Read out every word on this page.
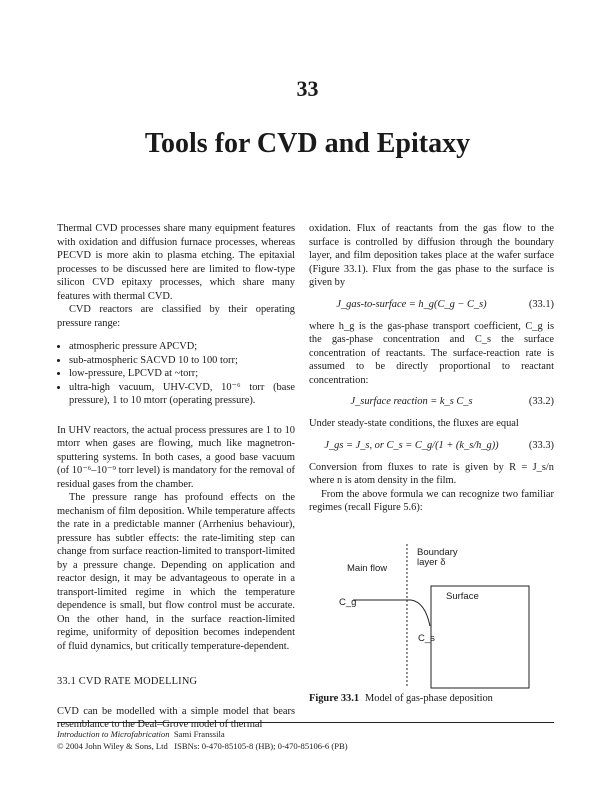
33
Tools for CVD and Epitaxy

Thermal CVD processes share many equipment features with oxidation and diffusion furnace processes, whereas PECVD is more akin to plasma etching. The epitaxial processes to be discussed here are limited to flow-type silicon CVD epitaxy processes, which share many features with thermal CVD.

CVD reactors are classified by their operating pressure range:

• atmospheric pressure APCVD;
• sub-atmospheric SACVD 10 to 100 torr;
• low-pressure, LPCVD at ~torr;
• ultra-high vacuum, UHV-CVD, 10⁻⁶ torr (base pressure), 1 to 10 mtorr (operating pressure).

In UHV reactors, the actual process pressures are 1 to 10 mtorr when gases are flowing, much like magnetron-sputtering systems. In both cases, a good base vacuum (of 10⁻⁶–10⁻⁹ torr level) is mandatory for the removal of residual gases from the chamber.

The pressure range has profound effects on the mechanism of film deposition. While temperature affects the rate in a predictable manner (Arrhenius behaviour), pressure has subtler effects: the rate-limiting step can change from surface reaction-limited to transport-limited by a pressure change. Depending on application and reactor design, it may be advantageous to operate in a transport-limited regime in which the temperature dependence is small, but flow control must be accurate. On the other hand, in the surface reaction-limited regime, uniformity of deposition becomes independent of fluid dynamics, but critically temperature-dependent.

33.1 CVD RATE MODELLING

CVD can be modelled with a simple model that bears resemblance to the Deal–Grove model of thermal

oxidation. Flux of reactants from the gas flow to the surface is controlled by diffusion through the boundary layer, and film deposition takes place at the wafer surface (Figure 33.1). Flux from the gas phase to the surface is given by

J_gas-to-surface = h_g(C_g − C_s)	(33.1)

where h_g is the gas-phase transport coefficient, C_g is the gas-phase concentration and C_s the surface concentration of reactants. The surface-reaction rate is assumed to be directly proportional to reactant concentration:

J_surface reaction = k_s C_s	(33.2)

Under steady-state conditions, the fluxes are equal

J_gs = J_s, or C_s = C_g/(1 + (k_s/h_g))	(33.3)

Conversion from fluxes to rate is given by R = J_s/n where n is atom density in the film.

From the above formula we can recognize two familiar regimes (recall Figure 5.6):

Boundary layer δ
Main flow
C_g
Surface
C_s
Figure 33.1 Model of gas-phase deposition
Introduction to Microfabrication Sami Franssila
© 2004 John Wiley & Sons, Ltd ISBNs: 0-470-85105-8 (HB); 0-470-85106-6 (PB)
